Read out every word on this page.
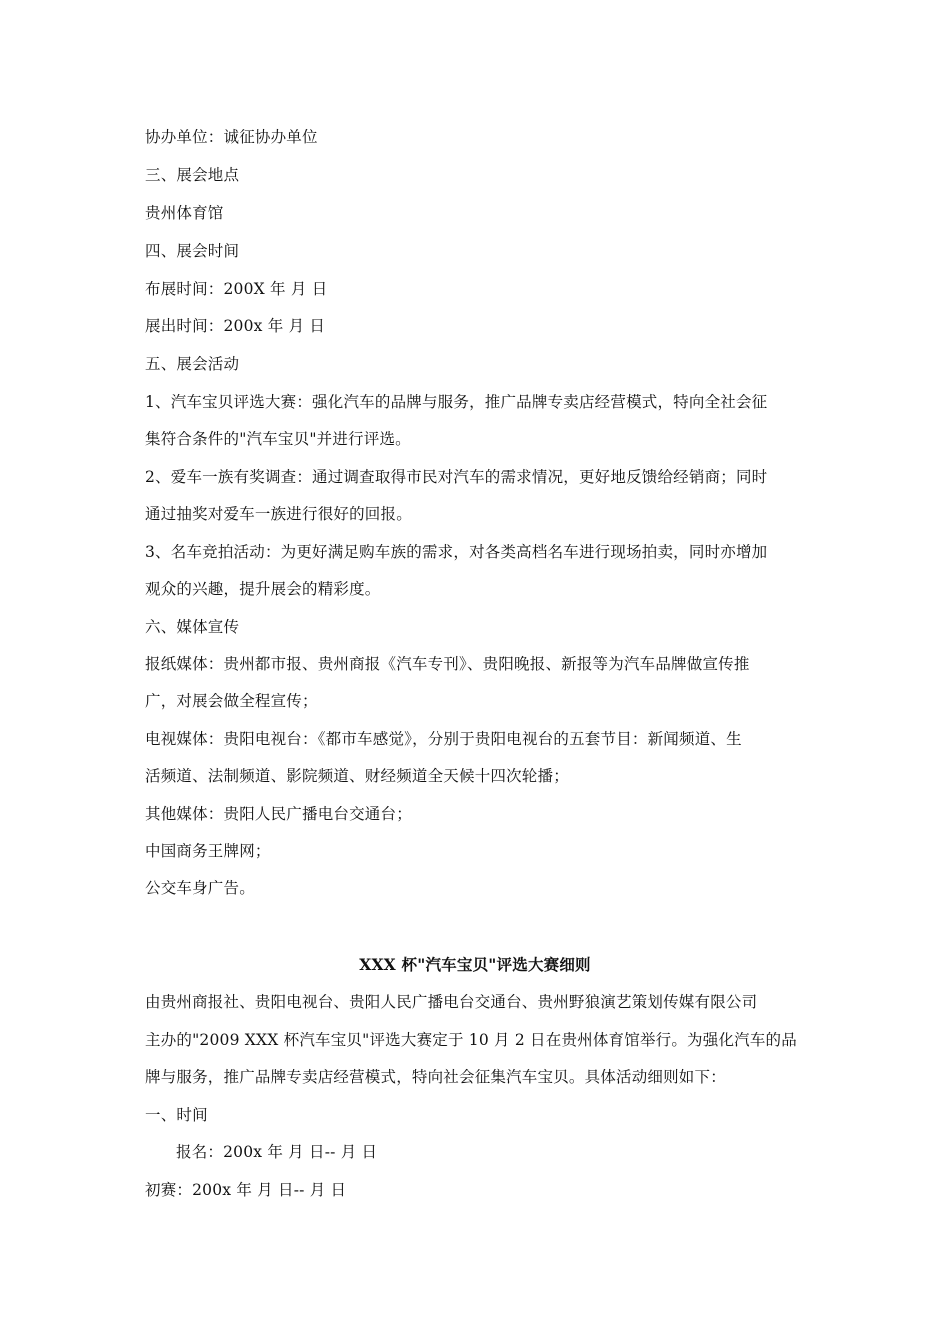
协办单位：诚征协办单位
三、展会地点
贵州体育馆
四、展会时间
布展时间：200X 年 月 日
展出时间：200x 年 月 日
五、展会活动
1、汽车宝贝评选大赛：强化汽车的品牌与服务，推广品牌专卖店经营模式，特向全社会征
集符合条件的"汽车宝贝"并进行评选。
2、爱车一族有奖调查：通过调查取得市民对汽车的需求情况，更好地反馈给经销商；同时
通过抽奖对爱车一族进行很好的回报。
3、名车竞拍活动：为更好满足购车族的需求，对各类高档名车进行现场拍卖，同时亦增加
观众的兴趣，提升展会的精彩度。
六、媒体宣传
报纸媒体：贵州都市报、贵州商报《汽车专刊》、贵阳晚报、新报等为汽车品牌做宣传推
广，对展会做全程宣传；
电视媒体：贵阳电视台：《都市车感觉》，分别于贵阳电视台的五套节目：新闻频道、生
活频道、法制频道、影院频道、财经频道全天候十四次轮播；
其他媒体：贵阳人民广播电台交通台；
中国商务王牌网；
公交车身广告。
XXX 杯"汽车宝贝"评选大赛细则
由贵州商报社、贵阳电视台、贵阳人民广播电台交通台、贵州野狼演艺策划传媒有限公司
主办的"2009 XXX 杯汽车宝贝"评选大赛定于 10 月 2 日在贵州体育馆举行。为强化汽车的品
牌与服务，推广品牌专卖店经营模式，特向社会征集汽车宝贝。具体活动细则如下：
一、时间
报名：200x 年 月 日-- 月 日
初赛：200x 年 月 日-- 月 日
